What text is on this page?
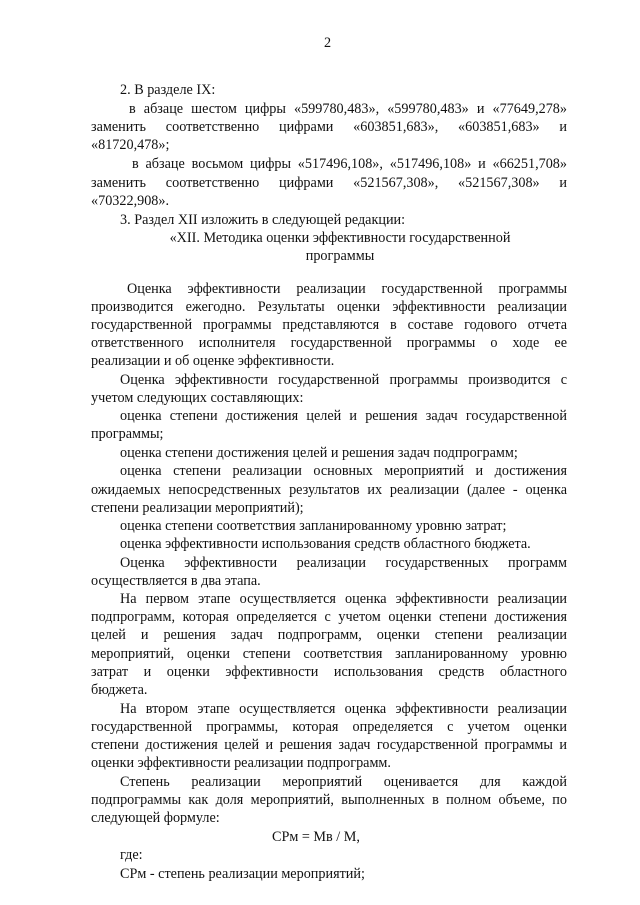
2
2. В разделе IX:
в абзаце шестом цифры «599780,483», «599780,483» и «77649,278»
заменить соответственно цифрами «603851,683», «603851,683» и
«81720,478»;
в абзаце восьмом цифры «517496,108», «517496,108» и «66251,708»
заменить соответственно цифрами «521567,308», «521567,308» и
«70322,908».
3. Раздел XII изложить в следующей редакции:
«XII. Методика оценки эффективности государственной
программы
Оценка эффективности реализации государственной программы
производится ежегодно. Результаты оценки эффективности реализации
государственной программы представляются в составе годового отчета
ответственного исполнителя государственной программы о ходе ее
реализации и об оценке эффективности.
Оценка эффективности государственной программы производится с
учетом следующих составляющих:
оценка степени достижения целей и решения задач государственной
программы;
оценка степени достижения целей и решения задач подпрограмм;
оценка степени реализации основных мероприятий и достижения
ожидаемых непосредственных результатов их реализации (далее - оценка
степени реализации мероприятий);
оценка степени соответствия запланированному уровню затрат;
оценка эффективности использования средств областного бюджета.
Оценка эффективности реализации государственных программ
осуществляется в два этапа.
На первом этапе осуществляется оценка эффективности реализации
подпрограмм, которая определяется с учетом оценки степени достижения
целей и решения задач подпрограмм, оценки степени реализации
мероприятий, оценки степени соответствия запланированному уровню
затрат и оценки эффективности использования средств областного
бюджета.
На втором этапе осуществляется оценка эффективности реализации
государственной программы, которая определяется с учетом оценки
степени достижения целей и решения задач государственной программы и
оценки эффективности реализации подпрограмм.
Степень реализации мероприятий оценивается для каждой
подпрограммы как доля мероприятий, выполненных в полном объеме, по
следующей формуле:
СРм = Мв / М,
где:
СРм - степень реализации мероприятий;
